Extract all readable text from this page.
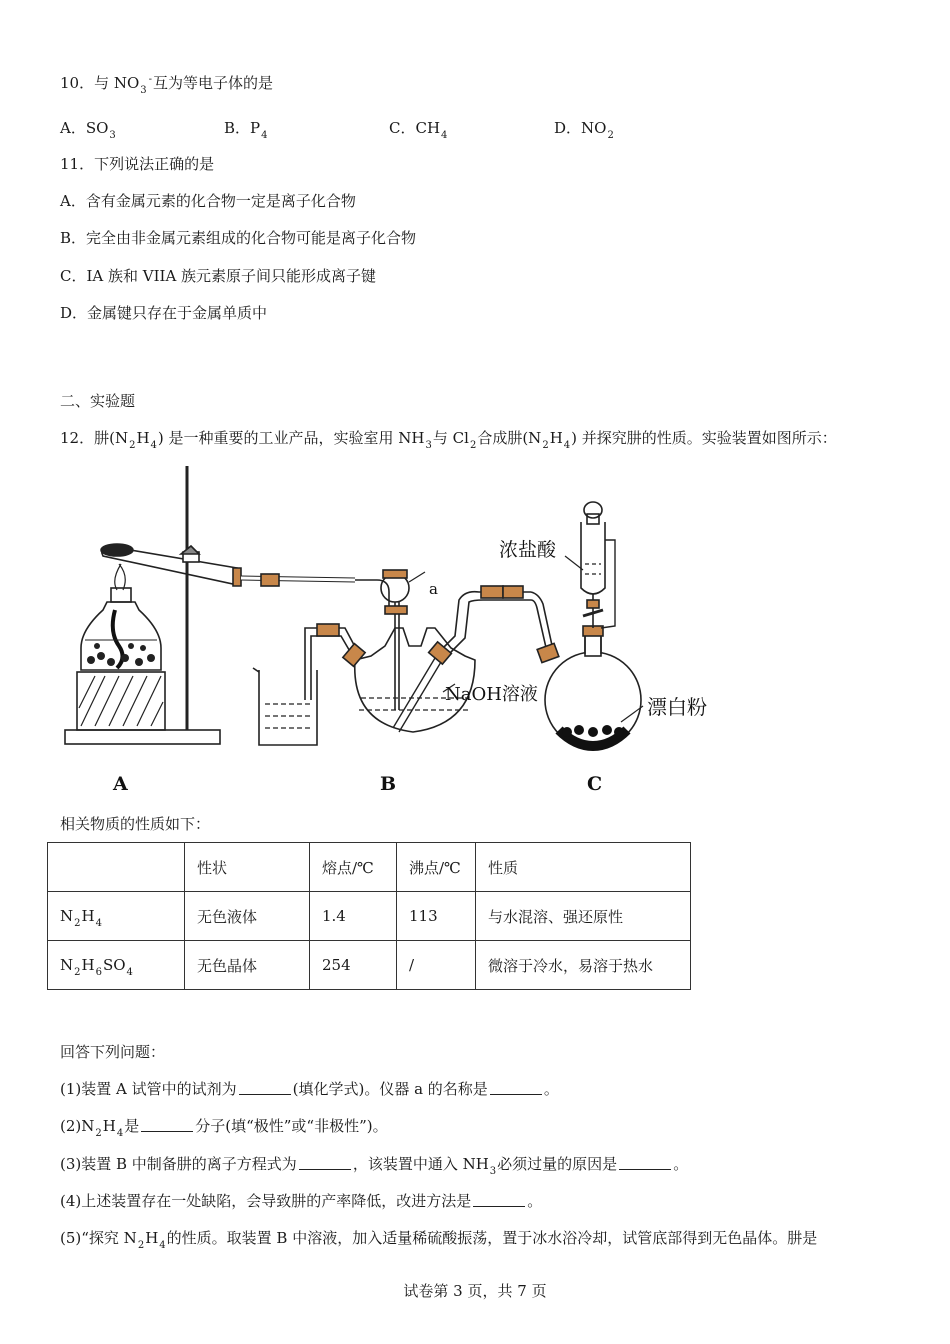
10．与 $NO_3^-$互为等电子体的是
A．$SO_3$	B．$P_4$	C．$CH_4$	D．$NO_2$
11．下列说法正确的是
A．含有金属元素的化合物一定是离子化合物
B．完全由非金属元素组成的化合物可能是离子化合物
C．IA 族和 VIIA 族元素原子间只能形成离子键
D．金属键只存在于金属单质中
二、实验题
12．肼$(N_2H_4)$ 是一种重要的工业产品，实验室用 $NH_3$与 $Cl_2$合成肼$(N_2H_4)$ 并探究肼的性质。实验装置如图所示：
a
NaOH溶液
漂白粉
浓盐酸
A	B	C
相关物质的性质如下：
	性状	熔点/℃	沸点/℃	性质
$N_2H_4$	无色液体	1.4	113	与水混溶、强还原性
$N_2H_6SO_4$	无色晶体	254	/	微溶于冷水，易溶于热水
回答下列问题：
(1)装置 A 试管中的试剂为	(填化学式)。仪器 a 的名称是	。
$(2)N_2H_4$是	分子(填“极性”或“非极性”)。
(3)装置 B 中制备肼的离子方程式为	，该装置中通入 $NH_3$必须过量的原因是	。
(4)上述装置存在一处缺陷，会导致肼的产率降低，改进方法是	。
(5)“探究 $N_2H_4$的性质。取装置 B 中溶液，加入适量稀硫酸振荡，置于冰水浴冷却，试管底部得到无色晶体。肼是
试卷第 3 页，共 7 页
